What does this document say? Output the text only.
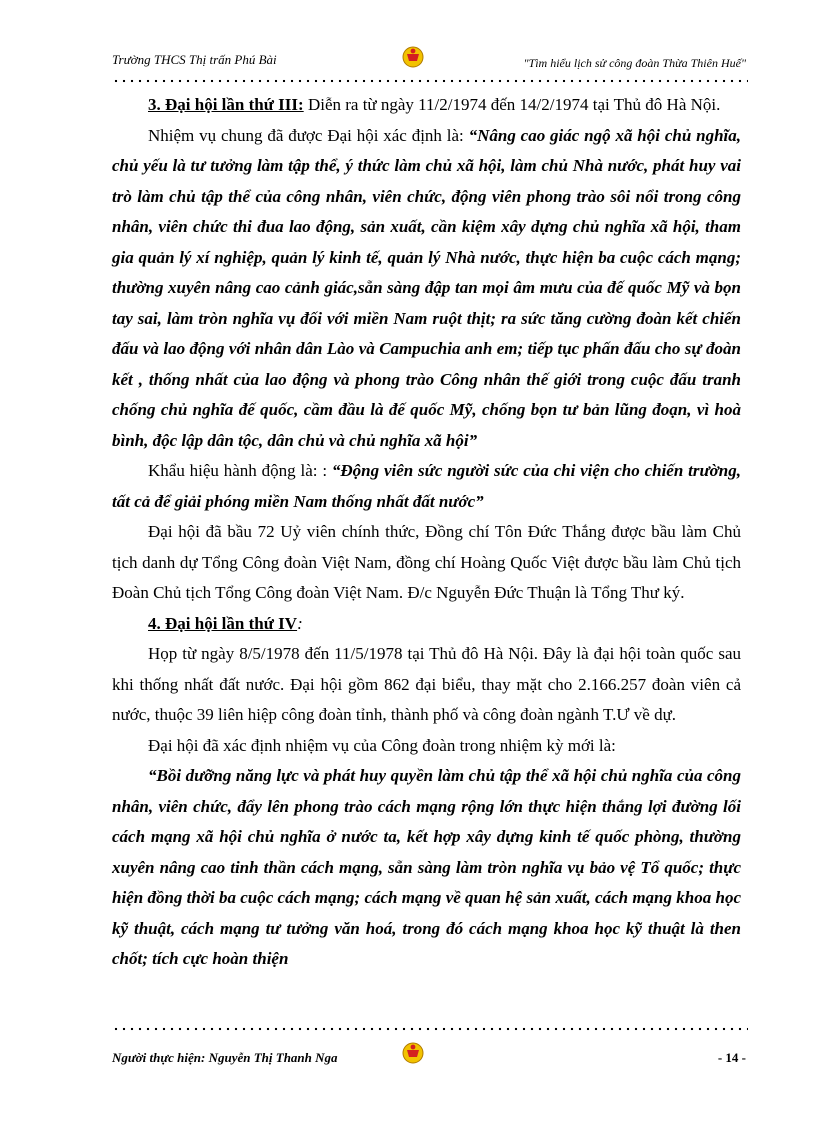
Trường THCS Thị trấn Phú Bài	"Tìm hiểu lịch sử công đoàn Thừa Thiên Huế"

3. Đại hội lần thứ III: Diễn ra từ ngày 11/2/1974 đến 14/2/1974 tại Thủ đô Hà Nội.

Nhiệm vụ chung đã được Đại hội xác định là: “Nâng cao giác ngộ xã hội chủ nghĩa, chủ yếu là tư tưởng làm tập thể, ý thức làm chủ xã hội, làm chủ Nhà nước, phát huy vai trò làm chủ tập thể của công nhân, viên chức, động viên phong trào sôi nổi trong công nhân, viên chức thi đua lao động, sản xuất, cần kiệm xây dựng chủ nghĩa xã hội, tham gia quản lý xí nghiệp, quản lý kinh tế, quản lý Nhà nước, thực hiện ba cuộc cách mạng; thường xuyên nâng cao cảnh giác,sẵn sàng đập tan mọi âm mưu của đế quốc Mỹ và bọn tay sai, làm tròn nghĩa vụ đối với miền Nam ruột thịt; ra sức tăng cường đoàn kết chiến đấu và lao động với nhân dân Lào và Campuchia anh em; tiếp tục phấn đấu cho sự đoàn kết , thống nhất của lao động và phong trào Công nhân thế giới trong cuộc đấu tranh chống chủ nghĩa đế quốc, cầm đầu là đế quốc Mỹ, chống bọn tư bản lũng đoạn, vì hoà bình, độc lập dân tộc, dân chủ và chủ nghĩa xã hội”

Khẩu hiệu hành động là: : “Động viên sức người sức của chi viện cho chiến trường, tất cả để giải phóng miền Nam thống nhất đất nước”

Đại hội đã bầu 72 Uỷ viên chính thức, Đồng chí Tôn Đức Thắng được bầu làm Chủ tịch danh dự Tổng Công đoàn Việt Nam, đồng chí Hoàng Quốc Việt được bầu làm Chủ tịch Đoàn Chủ tịch Tổng Công đoàn Việt Nam. Đ/c Nguyễn Đức Thuận là Tổng Thư ký.

4. Đại hội lần thứ IV:

Họp từ ngày 8/5/1978 đến 11/5/1978 tại Thủ đô Hà Nội. Đây là đại hội toàn quốc sau khi thống nhất đất nước. Đại hội gồm 862 đại biểu, thay mặt cho 2.166.257 đoàn viên cả nước, thuộc 39 liên hiệp công đoàn tỉnh, thành phố và công đoàn ngành T.Ư về dự.

Đại hội đã xác định nhiệm vụ của Công đoàn trong nhiệm kỳ mới là:

“Bồi dưỡng năng lực và phát huy quyền làm chủ tập thể xã hội chủ nghĩa của công nhân, viên chức, đẩy lên phong trào cách mạng rộng lớn thực hiện thắng lợi đường lối cách mạng xã hội chủ nghĩa ở nước ta, kết hợp xây dựng kinh tế quốc phòng, thường xuyên nâng cao tinh thần cách mạng, sẵn sàng làm tròn nghĩa vụ bảo vệ Tổ quốc; thực hiện đồng thời ba cuộc cách mạng; cách mạng về quan hệ sản xuất, cách mạng khoa học kỹ thuật, cách mạng tư tưởng văn hoá, trong đó cách mạng khoa học kỹ thuật là then chốt; tích cực hoàn thiện

Người thực hiện: Nguyễn Thị Thanh Nga	- 14 -
